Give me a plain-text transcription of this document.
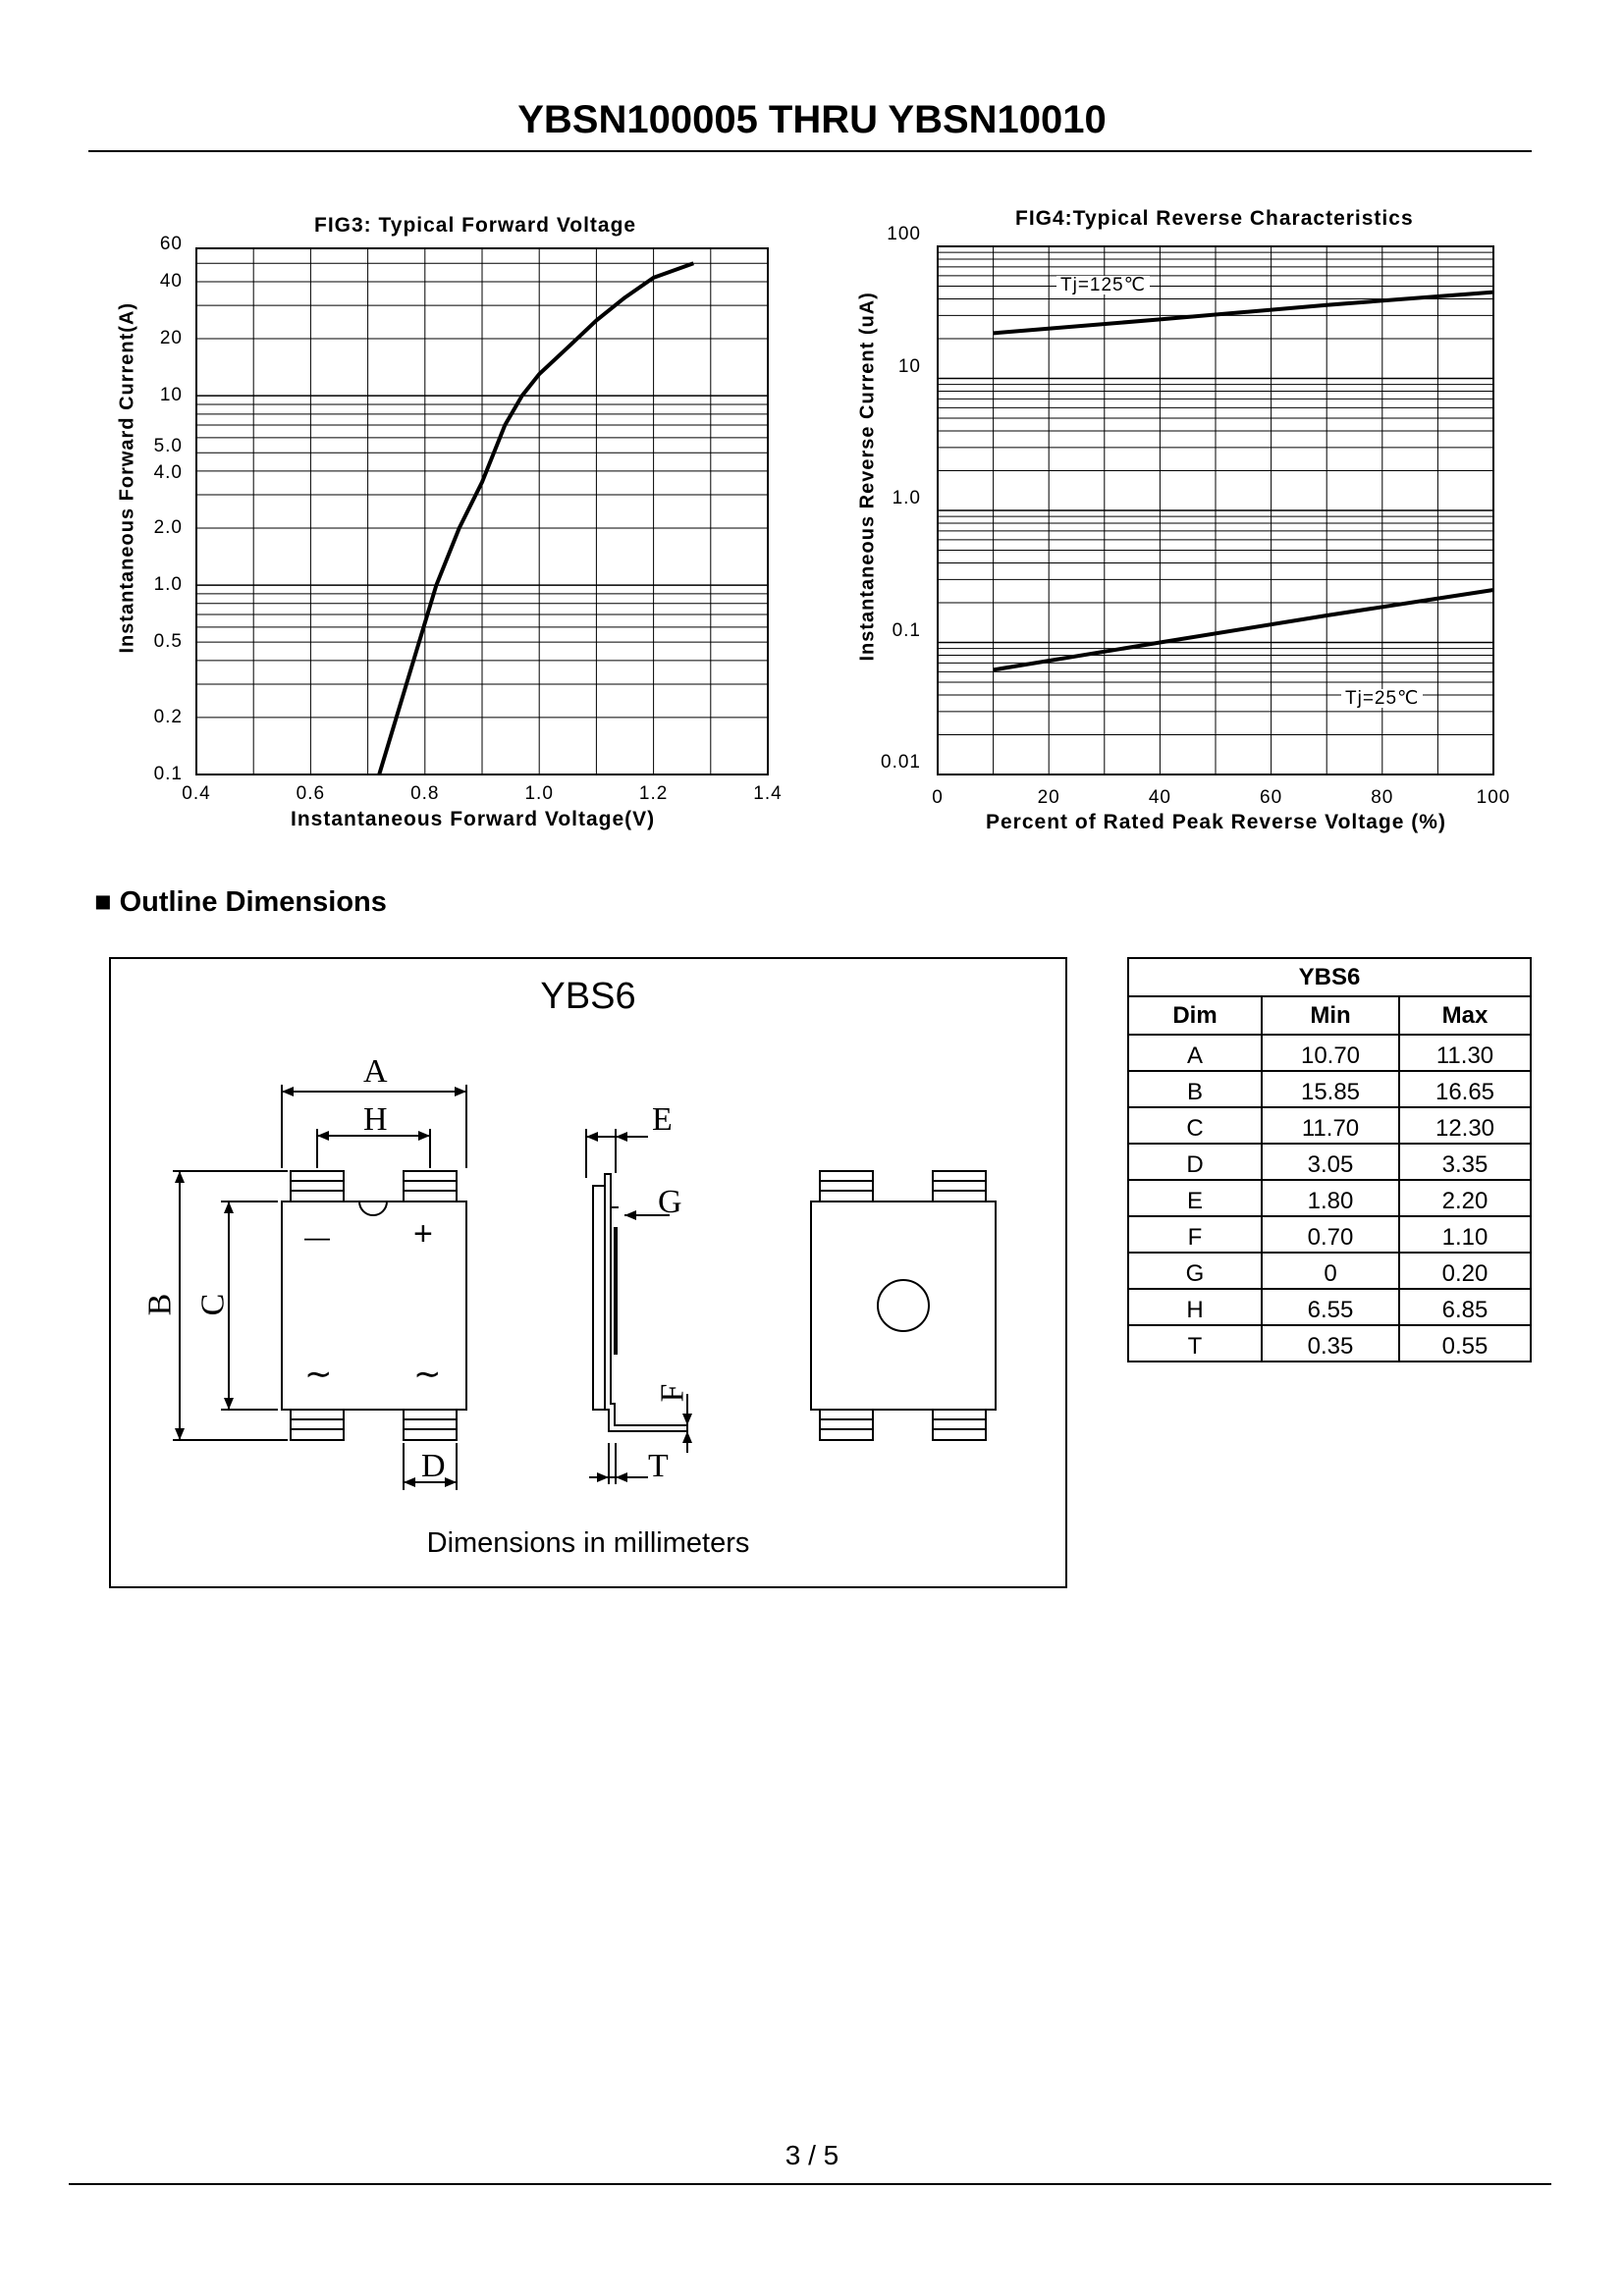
YBSN100005 THRU YBSN10010
FIG3: Typical Forward Voltage
60
40
20
10
5.0
4.0
2.0
1.0
0.5
0.2
0.1
0.4	0.6	0.8	1.0	1.2	1.4
Instantaneous Forward Current(A)
Instantaneous Forward Voltage(V)
FIG4:Typical Reverse Characteristics
100
10
1.0
0.1
0.01
0	20	40	60	80	100
Instantaneous Reverse Current (uA)
Percent of Rated Peak Reverse Voltage (%)
Tj=125℃
Tj=25℃
■ Outline Dimensions
YBS6
A
H
B C
D
E
G
F
T
—	+
∼ ∼
Dimensions in millimeters
YBS6		
Dim	Min	Max
A	10.70	11.30
B	15.85	16.65
C	11.70	12.30
D	3.05	3.35
E	1.80	2.20
F	0.70	1.10
G	0	0.20
H	6.55	6.85
T	0.35	0.55
3 / 5
